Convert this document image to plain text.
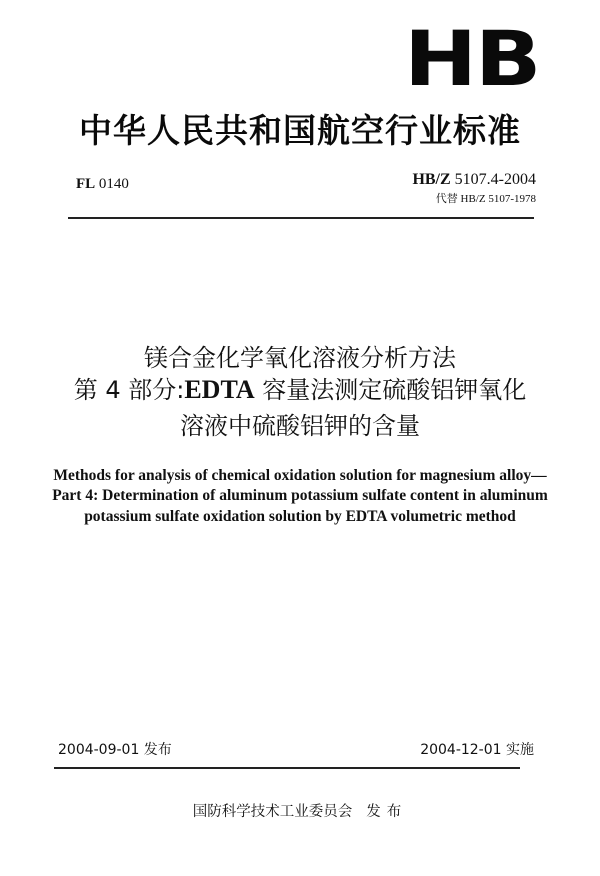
HB
中华人民共和国航空行业标准
FL 0140	HB/Z 5107.4-2004
代替 HB/Z 5107-1978
镁合金化学氧化溶液分析方法
第 4 部分:EDTA 容量法测定硫酸铝钾氧化
溶液中硫酸铝钾的含量
Methods for analysis of chemical oxidation solution for magnesium alloy—
Part 4: Determination of aluminum potassium sulfate content in aluminum
potassium sulfate oxidation solution by EDTA volumetric method
2004-09-01 发布	2004-12-01 实施
国防科学技术工业委员会 发布
